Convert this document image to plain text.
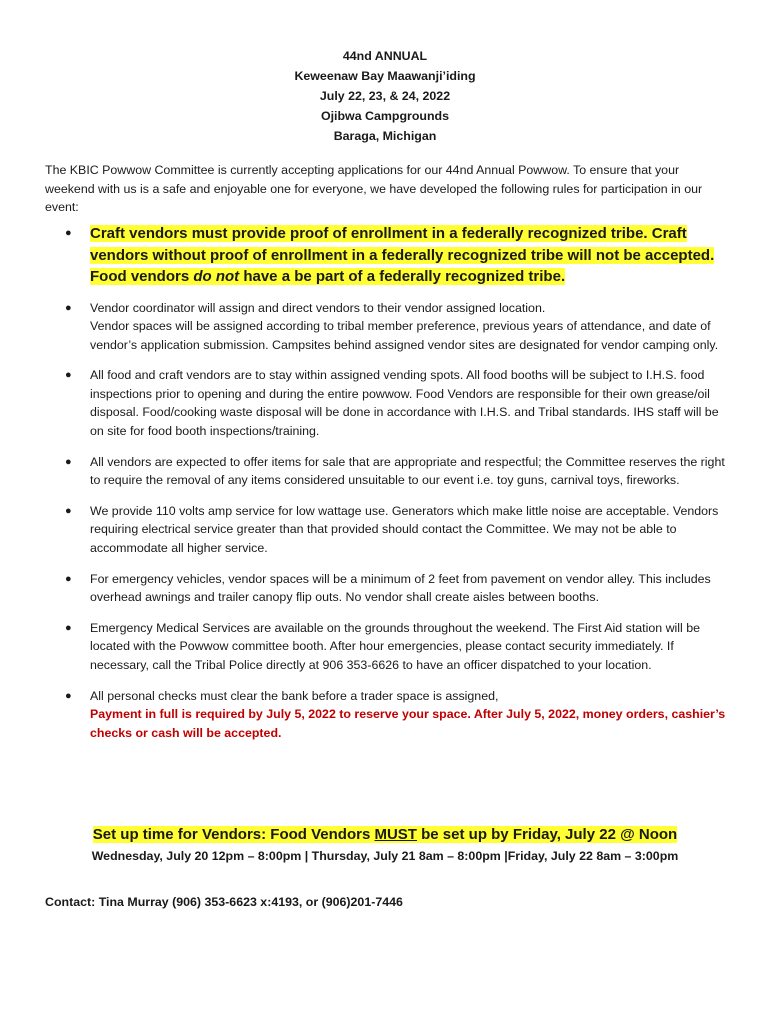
44nd ANNUAL
Keweenaw Bay Maawanji’iding
July 22, 23, & 24, 2022
Ojibwa Campgrounds
Baraga, Michigan
The KBIC Powwow Committee is currently accepting applications for our 44nd Annual Powwow. To ensure that your weekend with us is a safe and enjoyable one for everyone, we have developed the following rules for participation in our event:
● Craft vendors must provide proof of enrollment in a federally recognized tribe. Craft vendors without proof of enrollment in a federally recognized tribe will not be accepted. Food vendors do not have a be part of a federally recognized tribe.
● Vendor coordinator will assign and direct vendors to their vendor assigned location.
Vendor spaces will be assigned according to tribal member preference, previous years of attendance, and date of vendor’s application submission. Campsites behind assigned vendor sites are designated for vendor camping only.
● All food and craft vendors are to stay within assigned vending spots. All food booths will be subject to I.H.S. food inspections prior to opening and during the entire powwow. Food Vendors are responsible for their own grease/oil disposal. Food/cooking waste disposal will be done in accordance with I.H.S. and Tribal standards. IHS staff will be on site for food booth inspections/training.
● All vendors are expected to offer items for sale that are appropriate and respectful; the Committee reserves the right to require the removal of any items considered unsuitable to our event i.e. toy guns, carnival toys, fireworks.
● We provide 110 volts amp service for low wattage use. Generators which make little noise are acceptable. Vendors requiring electrical service greater than that provided should contact the Committee. We may not be able to accommodate all higher service.
● For emergency vehicles, vendor spaces will be a minimum of 2 feet from pavement on vendor alley. This includes overhead awnings and trailer canopy flip outs. No vendor shall create aisles between booths.
● Emergency Medical Services are available on the grounds throughout the weekend. The First Aid station will be located with the Powwow committee booth. After hour emergencies, please contact security immediately. If necessary, call the Tribal Police directly at 906 353-6626 to have an officer dispatched to your location.
● All personal checks must clear the bank before a trader space is assigned,
Payment in full is required by July 5, 2022 to reserve your space. After July 5, 2022, money orders, cashier’s checks or cash will be accepted.
Set up time for Vendors: Food Vendors MUST be set up by Friday, July 22 @ Noon
Wednesday, July 20 12pm – 8:00pm | Thursday, July 21 8am – 8:00pm |Friday, July 22 8am – 3:00pm
Contact: Tina Murray (906) 353-6623 x:4193, or (906)201-7446
